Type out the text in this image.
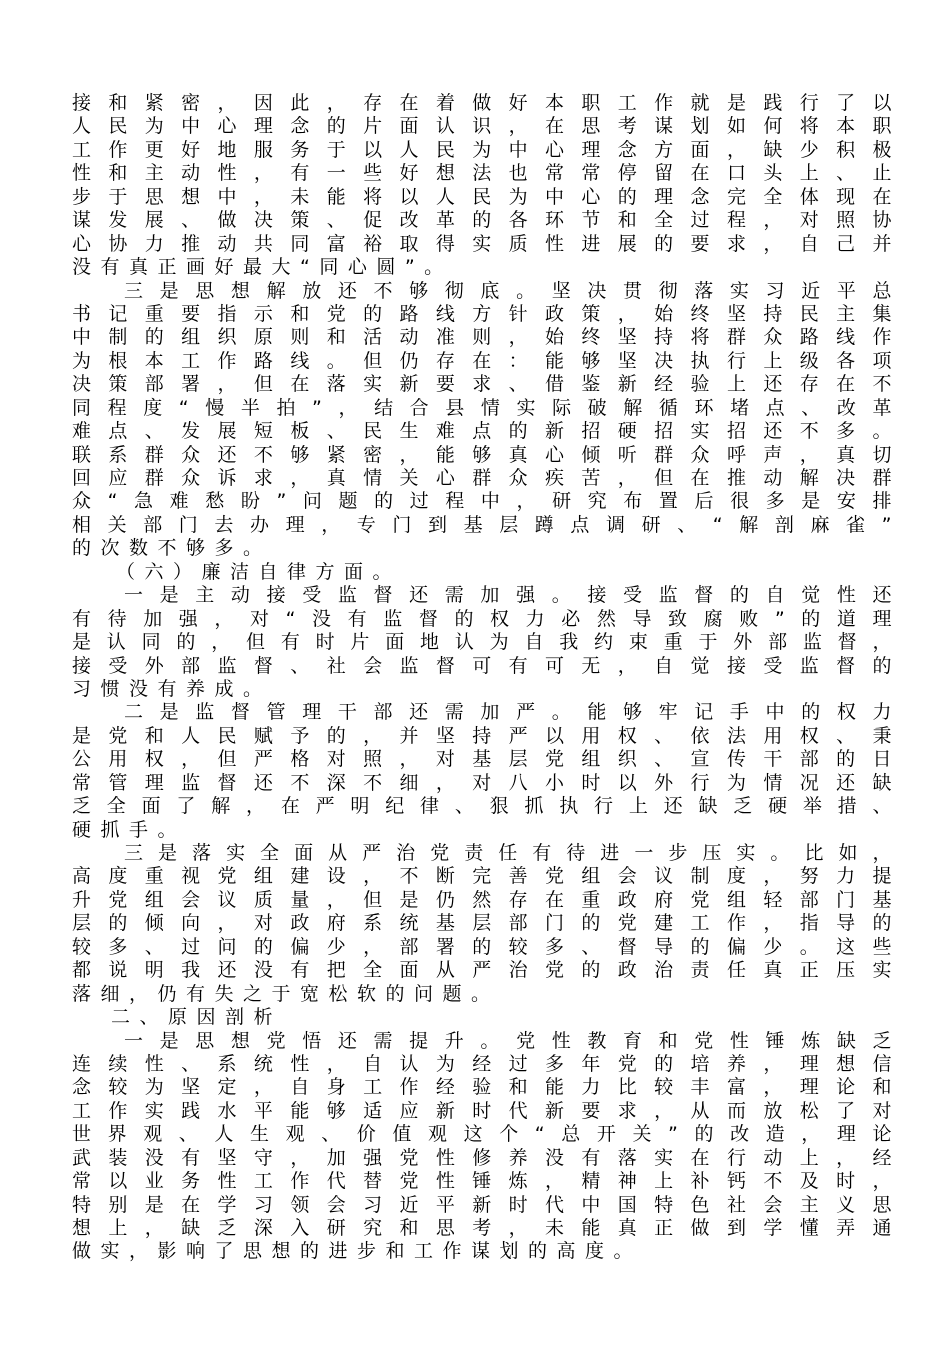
接和紧密，因此，存在着做好本职工作就是践行了以
人民为中心理念的片面认识，在思考谋划如何将本职
工作更好地服务于以人民为中心理念方面，缺少积极
性和主动性，有一些好想法也常常停留在口头上、止
步于思想中，未能将以人民为中心的理念完全体现在
谋发展、做决策、促改革的各环节和全过程，对照协
心协力推动共同富裕取得实质性进展的要求，自己并
没有真正画好最大“同心圆”。
三是思想解放还不够彻底。坚决贯彻落实习近平总
书记重要指示和党的路线方针政策，始终坚持民主集
中制的组织原则和活动准则，始终坚持将群众路线作
为根本工作路线。但仍存在：能够坚决执行上级各项
决策部署，但在落实新要求、借鉴新经验上还存在不
同程度“慢半拍”，结合县情实际破解循环堵点、改革
难点、发展短板、民生难点的新招硬招实招还不多。
联系群众还不够紧密，能够真心倾听群众呼声，真切
回应群众诉求，真情关心群众疾苦，但在推动解决群
众“急难愁盼”问题的过程中，研究布置后很多是安排
相关部门去办理，专门到基层蹲点调研、“解剖麻雀”
的次数不够多。
（六）廉洁自律方面。
一是主动接受监督还需加强。接受监督的自觉性还
有待加强，对“没有监督的权力必然导致腐败”的道理
是认同的，但有时片面地认为自我约束重于外部监督，
接受外部监督、社会监督可有可无，自觉接受监督的
习惯没有养成。
二是监督管理干部还需加严。能够牢记手中的权力
是党和人民赋予的，并坚持严以用权、依法用权、秉
公用权，但严格对照，对基层党组织、宣传干部的日
常管理监督还不深不细，对八小时以外行为情况还缺
乏全面了解，在严明纪律、狠抓执行上还缺乏硬举措、
硬抓手。
三是落实全面从严治党责任有待进一步压实。比如，
高度重视党组建设，不断完善党组会议制度，努力提
升党组会议质量，但是仍然存在重政府党组轻部门基
层的倾向，对政府系统基层部门的党建工作，指导的
较多、过问的偏少，部署的较多、督导的偏少。这些
都说明我还没有把全面从严治党的政治责任真正压实
落细，仍有失之于宽松软的问题。
二、原因剖析
一是思想党悟还需提升。党性教育和党性锤炼缺乏
连续性、系统性，自认为经过多年党的培养，理想信
念较为坚定，自身工作经验和能力比较丰富，理论和
工作实践水平能够适应新时代新要求，从而放松了对
世界观、人生观、价值观这个“总开关”的改造，理论
武装没有坚守，加强党性修养没有落实在行动上，经
常以业务性工作代替党性锤炼，精神上补钙不及时，
特别是在学习领会习近平新时代中国特色社会主义思
想上，缺乏深入研究和思考，未能真正做到学懂弄通
做实，影响了思想的进步和工作谋划的高度。
